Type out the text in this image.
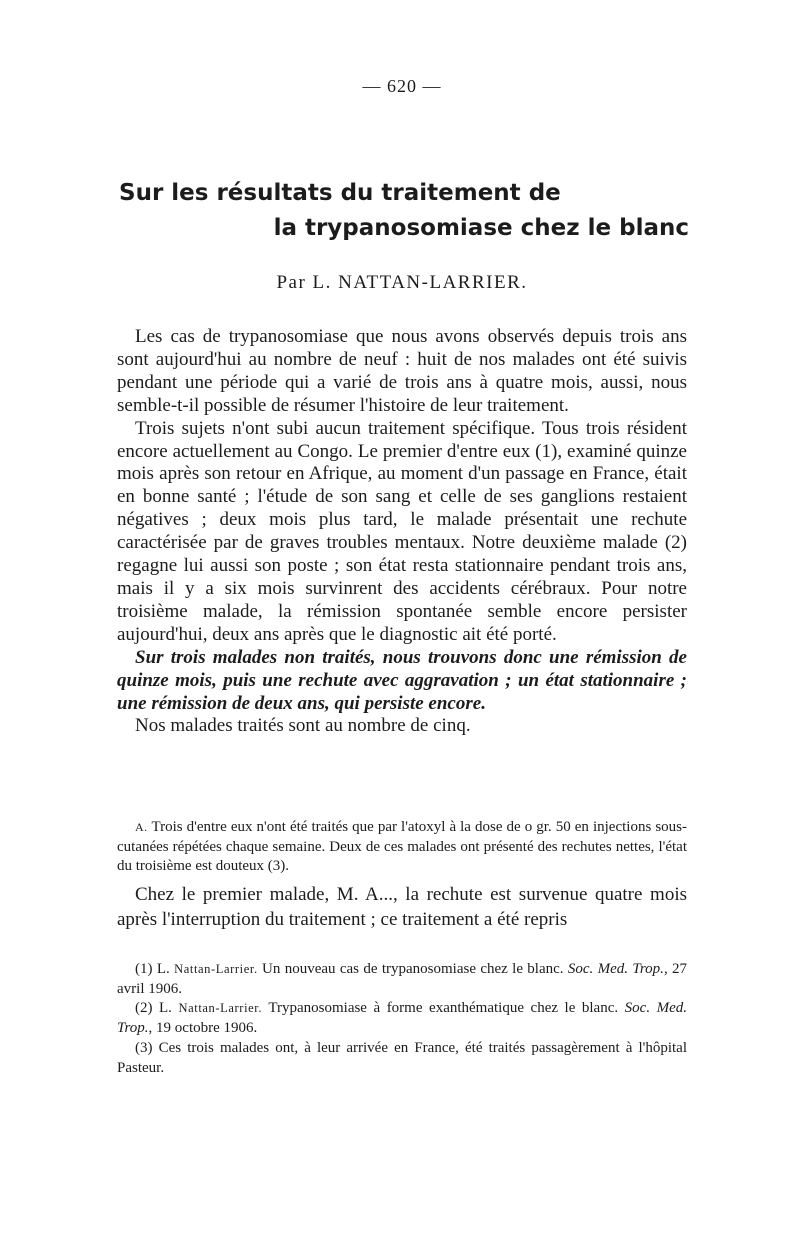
— 620 —
Sur les résultats du traitement de
la trypanosomiase chez le blanc
Par L. NATTAN-LARRIER.

Les cas de trypanosomiase que nous avons observés depuis trois ans sont aujourd'hui au nombre de neuf : huit de nos malades ont été suivis pendant une période qui a varié de trois ans à quatre mois, aussi, nous semble-t-il possible de résumer l'histoire de leur traitement.

Trois sujets n'ont subi aucun traitement spécifique. Tous trois résident encore actuellement au Congo. Le premier d'entre eux (1), examiné quinze mois après son retour en Afrique, au moment d'un passage en France, était en bonne santé ; l'étude de son sang et celle de ses ganglions restaient négatives ; deux mois plus tard, le malade présentait une rechute caractérisée par de graves troubles mentaux. Notre deuxième malade (2) regagne lui aussi son poste ; son état resta stationnaire pendant trois ans, mais il y a six mois survinrent des accidents cérébraux. Pour notre troisième malade, la rémission spontanée semble encore persister aujourd'hui, deux ans après que le diagnostic ait été porté.

Sur trois malades non traités, nous trouvons donc une rémission de quinze mois, puis une rechute avec aggravation ; un état stationnaire ; une rémission de deux ans, qui persiste encore.

Nos malades traités sont au nombre de cinq.

A. Trois d'entre eux n'ont été traités que par l'atoxyl à la dose de o gr. 50 en injections sous-cutanées répétées chaque semaine. Deux de ces malades ont présenté des rechutes nettes, l'état du troisième est douteux (3).

Chez le premier malade, M. A..., la rechute est survenue quatre mois après l'interruption du traitement ; ce traitement a été repris

(1) L. Nattan-Larrier. Un nouveau cas de trypanosomiase chez le blanc. Soc. Med. Trop., 27 avril 1906.

(2) L. Nattan-Larrier. Trypanosomiase à forme exanthématique chez le blanc. Soc. Med. Trop., 19 octobre 1906.

(3) Ces trois malades ont, à leur arrivée en France, été traités passagèrement à l'hôpital Pasteur.
